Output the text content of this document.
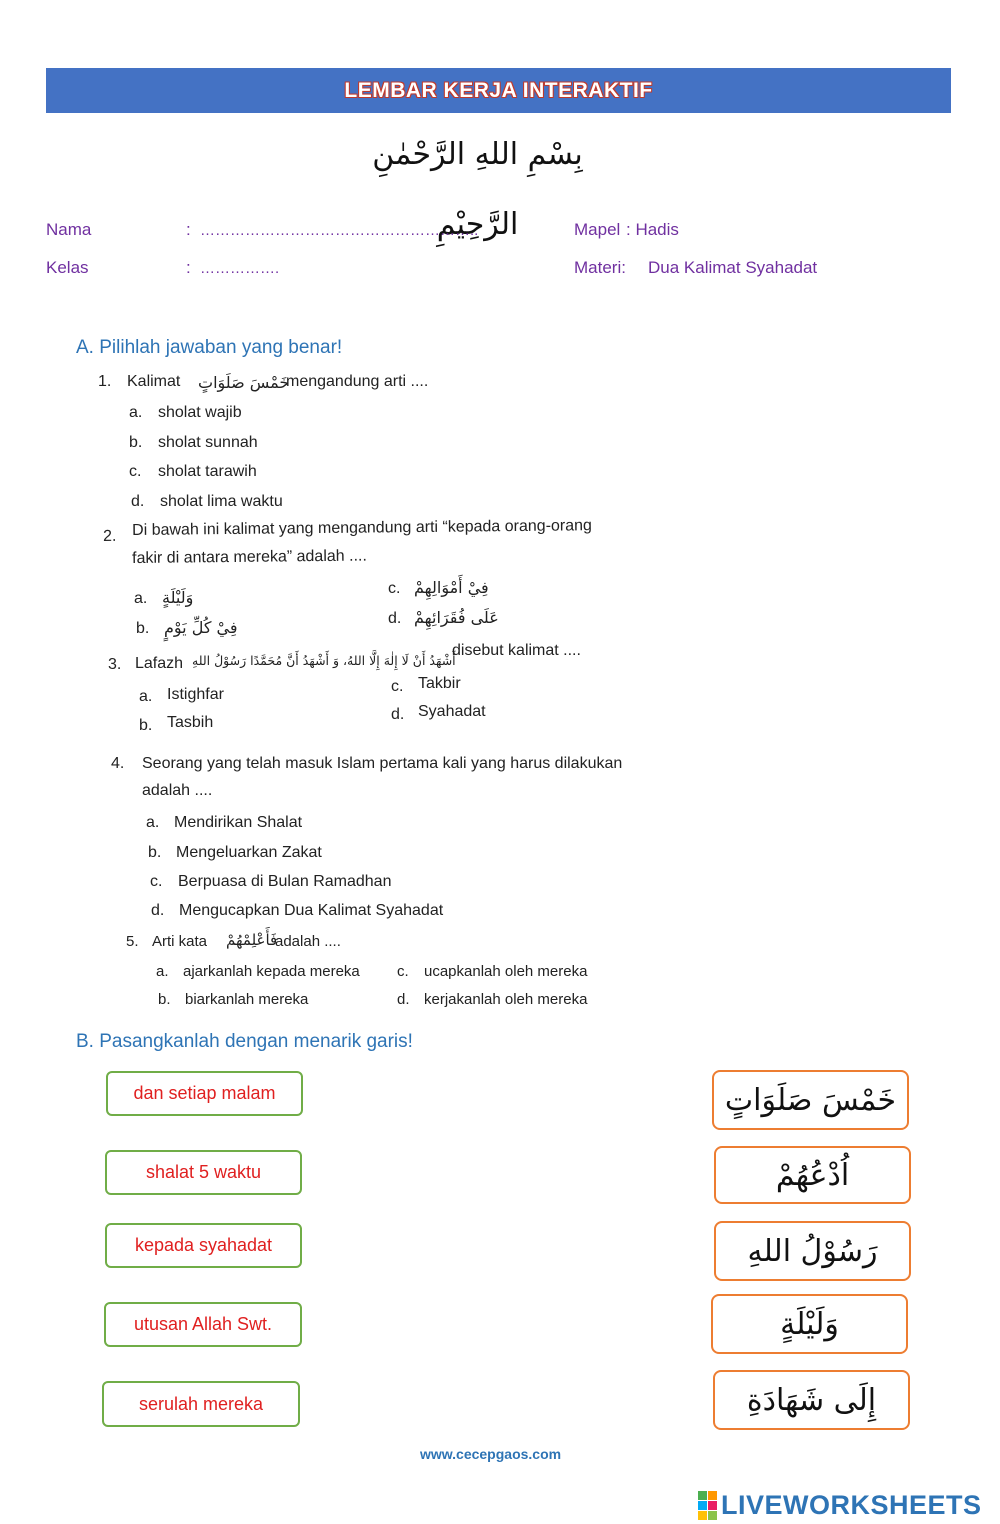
LEMBAR KERJA INTERAKTIF
بِسْمِ اللهِ الرَّحْمٰنِ الرَّحِيْمِ
Nama	: ………………………………………………..
Kelas	: …………….
Mapel : Hadis
Materi: Dua Kalimat Syahadat
A. Pilihlah jawaban yang benar!
1. Kalimat خَمْسَ صَلَوَاتٍ
mengandung arti ....
a. sholat wajib
b. sholat sunnah
c. sholat tarawih
d. sholat lima waktu
2. Di bawah ini kalimat yang mengandung arti “kepada orang-orang
fakir di antara mereka” adalah ....
a. وَلَيْلَةٍ
b. فِيْ كُلِّ يَوْمٍ
c. فِيْ أَمْوَالِهِمْ
d. عَلَى فُقَرَائِهِمْ
3. Lafazh أَشْهَدُ أَنْ لَا إِلٰهَ إِلَّا اللهُ، وَ أَشْهَدُ أَنَّ مُحَمَّدًا رَسُوْلُ اللهِ
disebut kalimat ....
a. Istighfar
b. Tasbih
c. Takbir
d. Syahadat
4. Seorang yang telah masuk Islam pertama kali yang harus dilakukan
adalah ....
a. Mendirikan Shalat
b. Mengeluarkan Zakat
c. Berpuasa di Bulan Ramadhan
d. Mengucapkan Dua Kalimat Syahadat
5. Arti kata فَأَعْلِمْهُمْ
adalah ....
a. ajarkanlah kepada mereka
b. biarkanlah mereka
c. ucapkanlah oleh mereka
d. kerjakanlah oleh mereka
B. Pasangkanlah dengan menarik garis!
dan setiap malam
shalat 5 waktu
kepada syahadat
utusan Allah Swt.
serulah mereka
خَمْسَ صَلَوَاتٍ
اُدْعُهُمْ
رَسُوْلُ اللهِ
وَلَيْلَةٍ
إِلَى شَهَادَةِ
www.cecepgaos.com
LIVEWORKSHEETS
